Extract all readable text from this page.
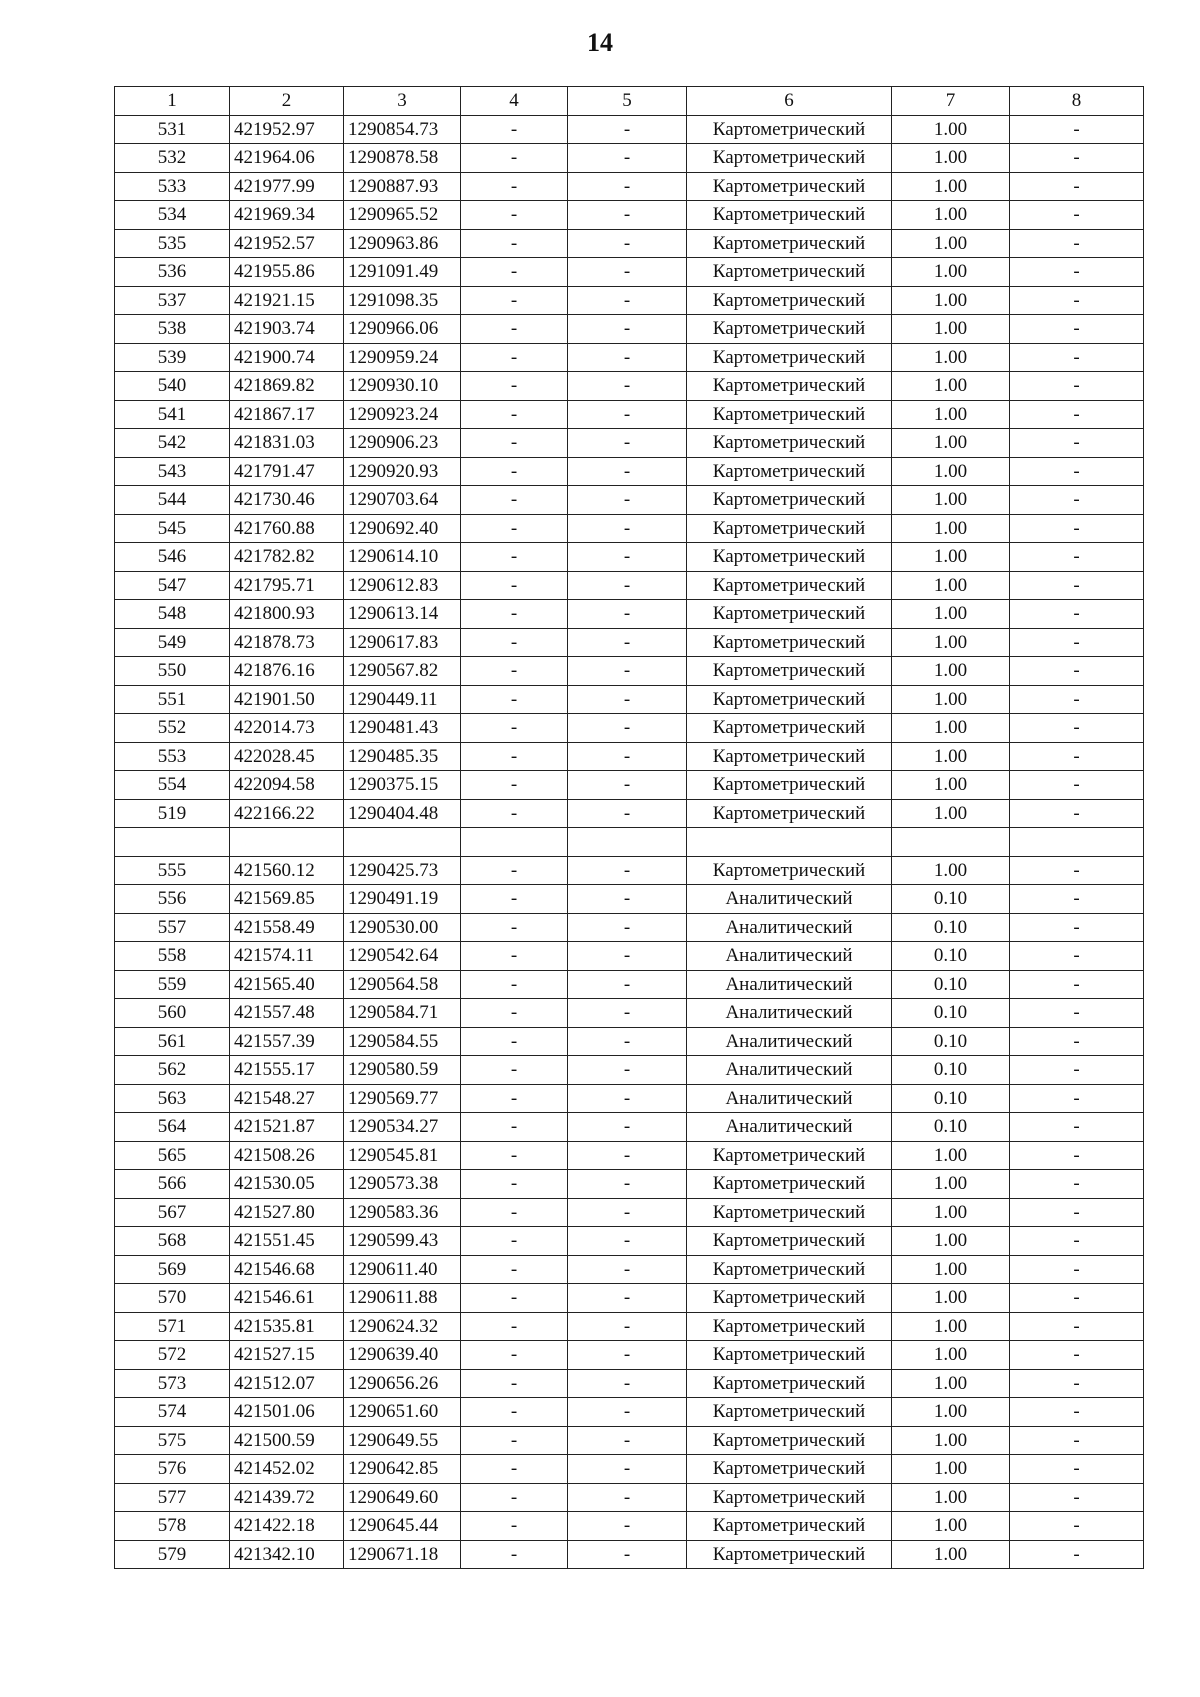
14
1	2	3	4	5	6	7	8
531	421952.97	1290854.73	-	-	Картометрический	1.00	-
532	421964.06	1290878.58	-	-	Картометрический	1.00	-
533	421977.99	1290887.93	-	-	Картометрический	1.00	-
534	421969.34	1290965.52	-	-	Картометрический	1.00	-
535	421952.57	1290963.86	-	-	Картометрический	1.00	-
536	421955.86	1291091.49	-	-	Картометрический	1.00	-
537	421921.15	1291098.35	-	-	Картометрический	1.00	-
538	421903.74	1290966.06	-	-	Картометрический	1.00	-
539	421900.74	1290959.24	-	-	Картометрический	1.00	-
540	421869.82	1290930.10	-	-	Картометрический	1.00	-
541	421867.17	1290923.24	-	-	Картометрический	1.00	-
542	421831.03	1290906.23	-	-	Картометрический	1.00	-
543	421791.47	1290920.93	-	-	Картометрический	1.00	-
544	421730.46	1290703.64	-	-	Картометрический	1.00	-
545	421760.88	1290692.40	-	-	Картометрический	1.00	-
546	421782.82	1290614.10	-	-	Картометрический	1.00	-
547	421795.71	1290612.83	-	-	Картометрический	1.00	-
548	421800.93	1290613.14	-	-	Картометрический	1.00	-
549	421878.73	1290617.83	-	-	Картометрический	1.00	-
550	421876.16	1290567.82	-	-	Картометрический	1.00	-
551	421901.50	1290449.11	-	-	Картометрический	1.00	-
552	422014.73	1290481.43	-	-	Картометрический	1.00	-
553	422028.45	1290485.35	-	-	Картометрический	1.00	-
554	422094.58	1290375.15	-	-	Картометрический	1.00	-
519	422166.22	1290404.48	-	-	Картометрический	1.00	-

555	421560.12	1290425.73	-	-	Картометрический	1.00	-
556	421569.85	1290491.19	-	-	Аналитический	0.10	-
557	421558.49	1290530.00	-	-	Аналитический	0.10	-
558	421574.11	1290542.64	-	-	Аналитический	0.10	-
559	421565.40	1290564.58	-	-	Аналитический	0.10	-
560	421557.48	1290584.71	-	-	Аналитический	0.10	-
561	421557.39	1290584.55	-	-	Аналитический	0.10	-
562	421555.17	1290580.59	-	-	Аналитический	0.10	-
563	421548.27	1290569.77	-	-	Аналитический	0.10	-
564	421521.87	1290534.27	-	-	Аналитический	0.10	-
565	421508.26	1290545.81	-	-	Картометрический	1.00	-
566	421530.05	1290573.38	-	-	Картометрический	1.00	-
567	421527.80	1290583.36	-	-	Картометрический	1.00	-
568	421551.45	1290599.43	-	-	Картометрический	1.00	-
569	421546.68	1290611.40	-	-	Картометрический	1.00	-
570	421546.61	1290611.88	-	-	Картометрический	1.00	-
571	421535.81	1290624.32	-	-	Картометрический	1.00	-
572	421527.15	1290639.40	-	-	Картометрический	1.00	-
573	421512.07	1290656.26	-	-	Картометрический	1.00	-
574	421501.06	1290651.60	-	-	Картометрический	1.00	-
575	421500.59	1290649.55	-	-	Картометрический	1.00	-
576	421452.02	1290642.85	-	-	Картометрический	1.00	-
577	421439.72	1290649.60	-	-	Картометрический	1.00	-
578	421422.18	1290645.44	-	-	Картометрический	1.00	-
579	421342.10	1290671.18	-	-	Картометрический	1.00	-
